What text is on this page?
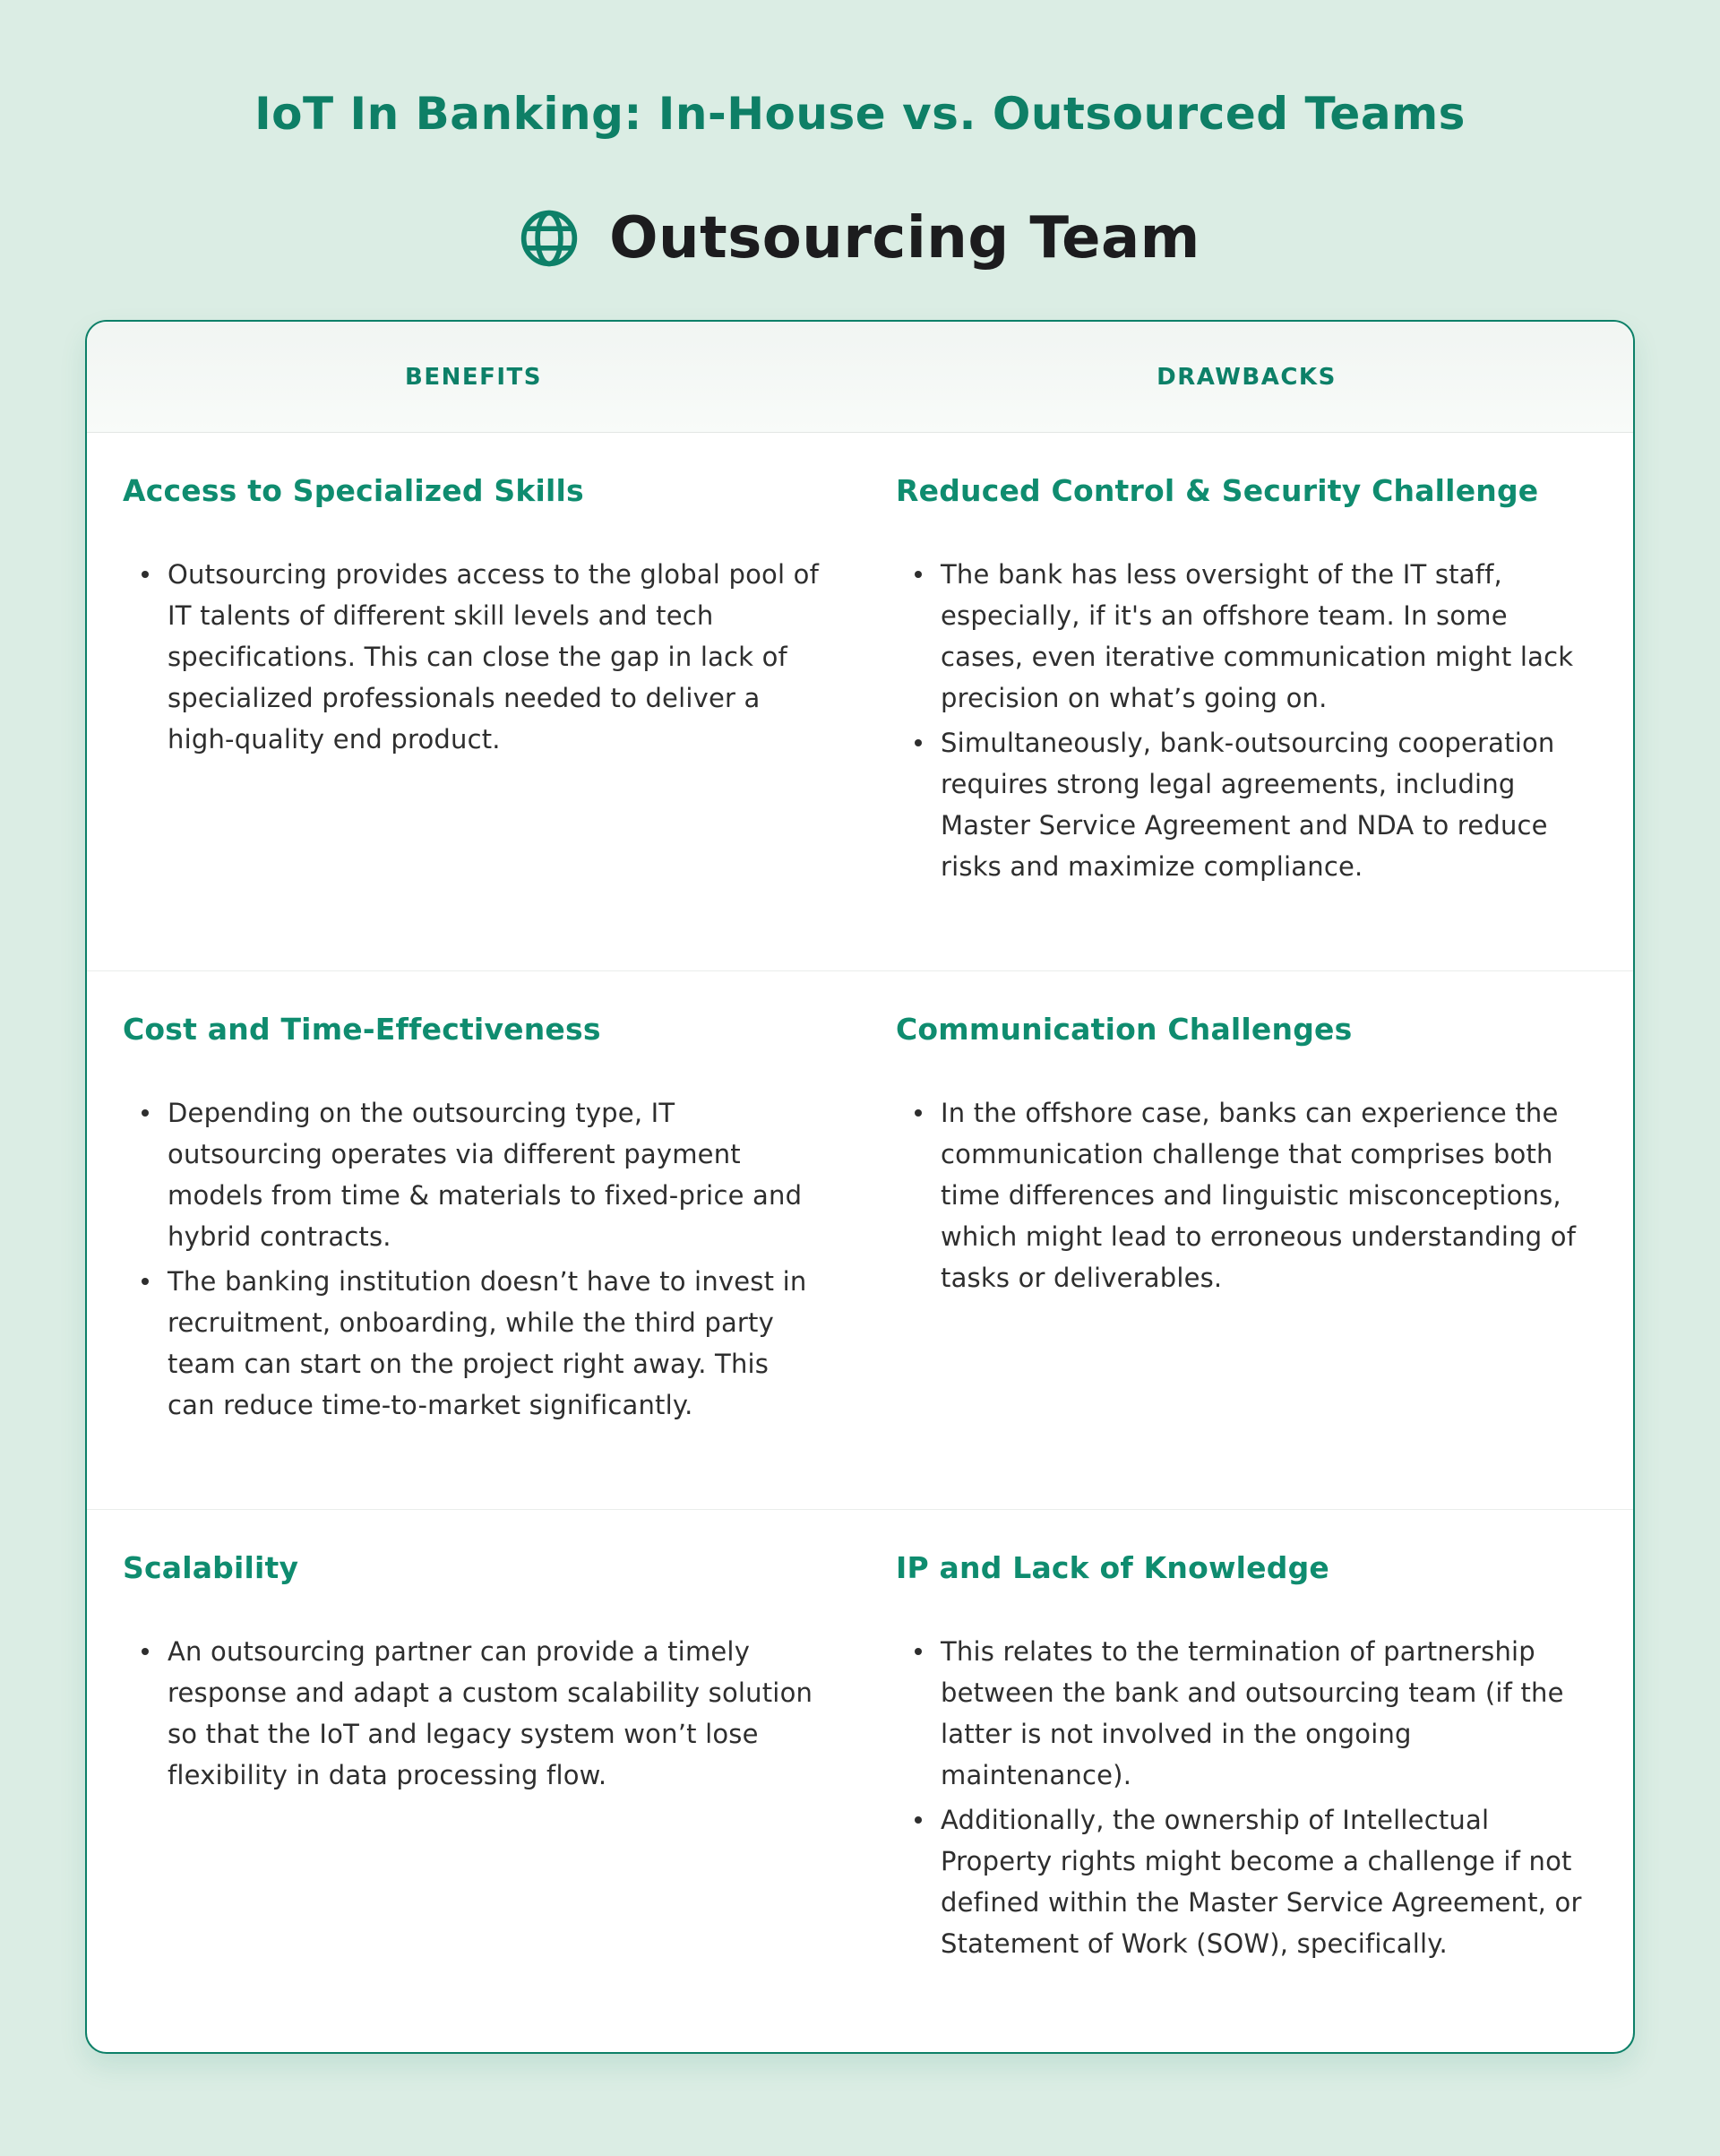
IoT In Banking: In-House vs. Outsourced Teams
Outsourcing Team
BENEFITS	DRAWBACKS
Access to Specialized Skills
Outsourcing provides access to the global pool of IT talents of different skill levels and tech specifications. This can close the gap in lack of specialized professionals needed to deliver a high-quality end product.
Reduced Control & Security Challenge
The bank has less oversight of the IT staff, especially, if it's an offshore team. In some cases, even iterative communication might lack precision on what’s going on.
Simultaneously, bank-outsourcing cooperation requires strong legal agreements, including Master Service Agreement and NDA to reduce risks and maximize compliance.
Cost and Time-Effectiveness
Depending on the outsourcing type, IT outsourcing operates via different payment models from time & materials to fixed-price and hybrid contracts.
The banking institution doesn’t have to invest in recruitment, onboarding, while the third party team can start on the project right away. This can reduce time-to-market significantly.
Communication Challenges
In the offshore case, banks can experience the communication challenge that comprises both time differences and linguistic misconceptions, which might lead to erroneous understanding of tasks or deliverables.
Scalability
An outsourcing partner can provide a timely response and adapt a custom scalability solution so that the IoT and legacy system won’t lose flexibility in data processing flow.
IP and Lack of Knowledge
This relates to the termination of partnership between the bank and outsourcing team (if the latter is not involved in the ongoing maintenance).
Additionally, the ownership of Intellectual Property rights might become a challenge if not defined within the Master Service Agreement, or Statement of Work (SOW), specifically.
